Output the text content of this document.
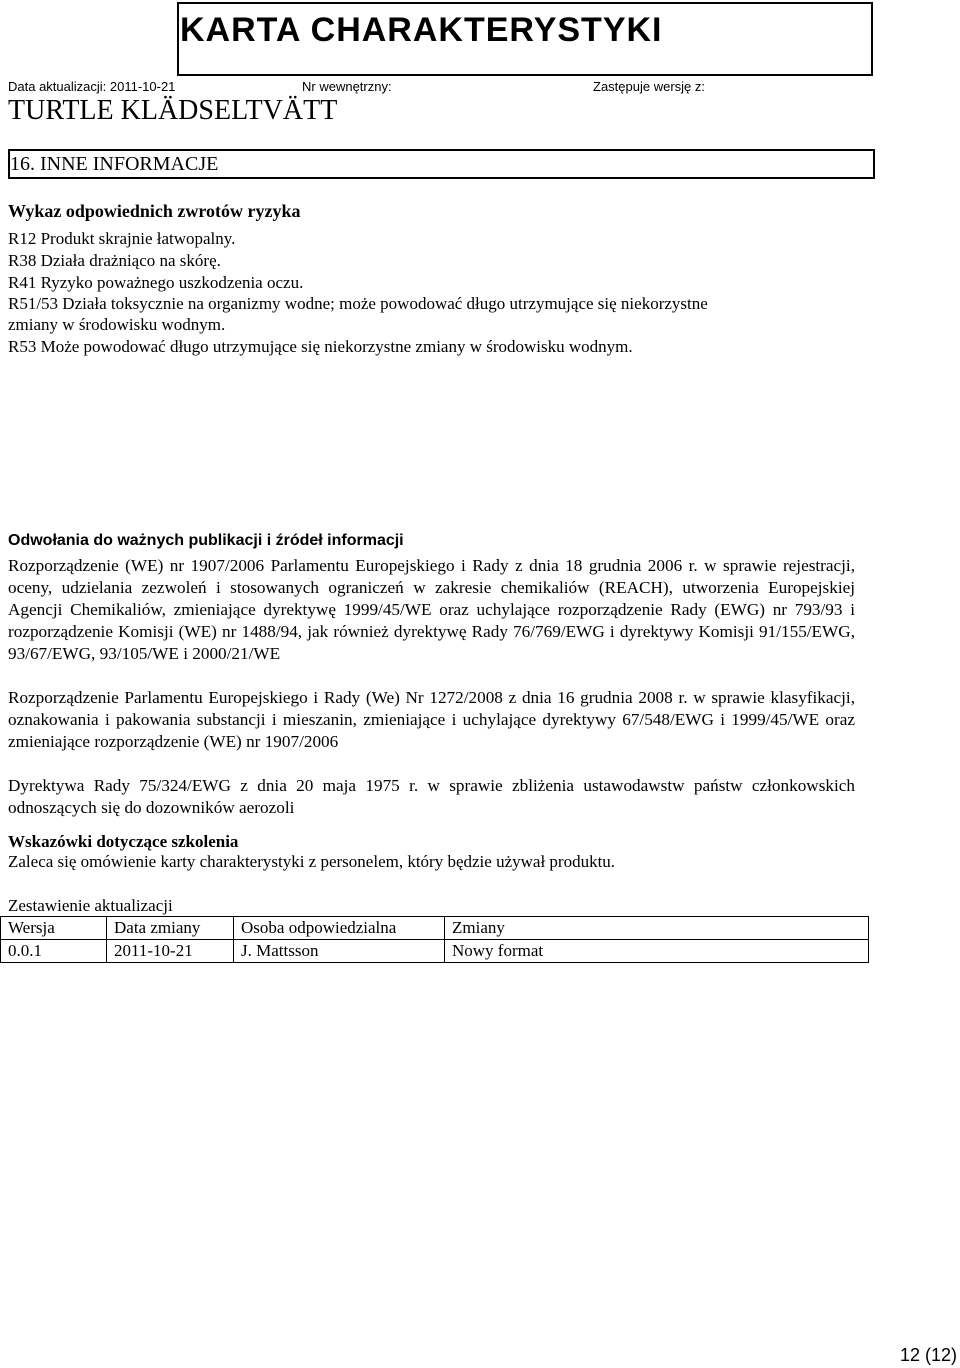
KARTA CHARAKTERYSTYKI
Data aktualizacji: 2011-10-21	Nr wewnętrzny:	Zastępuje wersję z:
TURTLE KLÄDSELTVÄTT
16. INNE INFORMACJE
Wykaz odpowiednich zwrotów ryzyka
R12 Produkt skrajnie łatwopalny.
R38 Działa drażniąco na skórę.
R41 Ryzyko poważnego uszkodzenia oczu.
R51/53 Działa toksycznie na organizmy wodne; może powodować długo utrzymujące się niekorzystne
zmiany w środowisku wodnym.
R53 Może powodować długo utrzymujące się niekorzystne zmiany w środowisku wodnym.
Odwołania do ważnych publikacji i źródeł informacji

Rozporządzenie (WE) nr 1907/2006 Parlamentu Europejskiego i Rady z dnia 18 grudnia 2006 r. w sprawie rejestracji, oceny, udzielania zezwoleń i stosowanych ograniczeń w zakresie chemikaliów (REACH), utworzenia Europejskiej Agencji Chemikaliów, zmieniające dyrektywę 1999/45/WE oraz uchylające rozporządzenie Rady (EWG) nr 793/93 i rozporządzenie Komisji (WE) nr 1488/94, jak również dyrektywę Rady 76/769/EWG i dyrektywy Komisji 91/155/EWG, 93/67/EWG, 93/105/WE i 2000/21/WE

Rozporządzenie Parlamentu Europejskiego i Rady (We) Nr 1272/2008 z dnia 16 grudnia 2008 r. w sprawie klasyfikacji, oznakowania i pakowania substancji i mieszanin, zmieniające i uchylające dyrektywy 67/548/EWG i 1999/45/WE oraz zmieniające rozporządzenie (WE) nr 1907/2006

Dyrektywa Rady 75/324/EWG z dnia 20 maja 1975 r. w sprawie zbliżenia ustawodawstw państw członkowskich odnoszących się do dozowników aerozoli

Wskazówki dotyczące szkolenia
Zaleca się omówienie karty charakterystyki z personelem, który będzie używał produktu.
Zestawienie aktualizacji
Wersja	Data zmiany	Osoba odpowiedzialna	Zmiany
0.0.1	2011-10-21	J. Mattsson	Nowy format
12 (12)
